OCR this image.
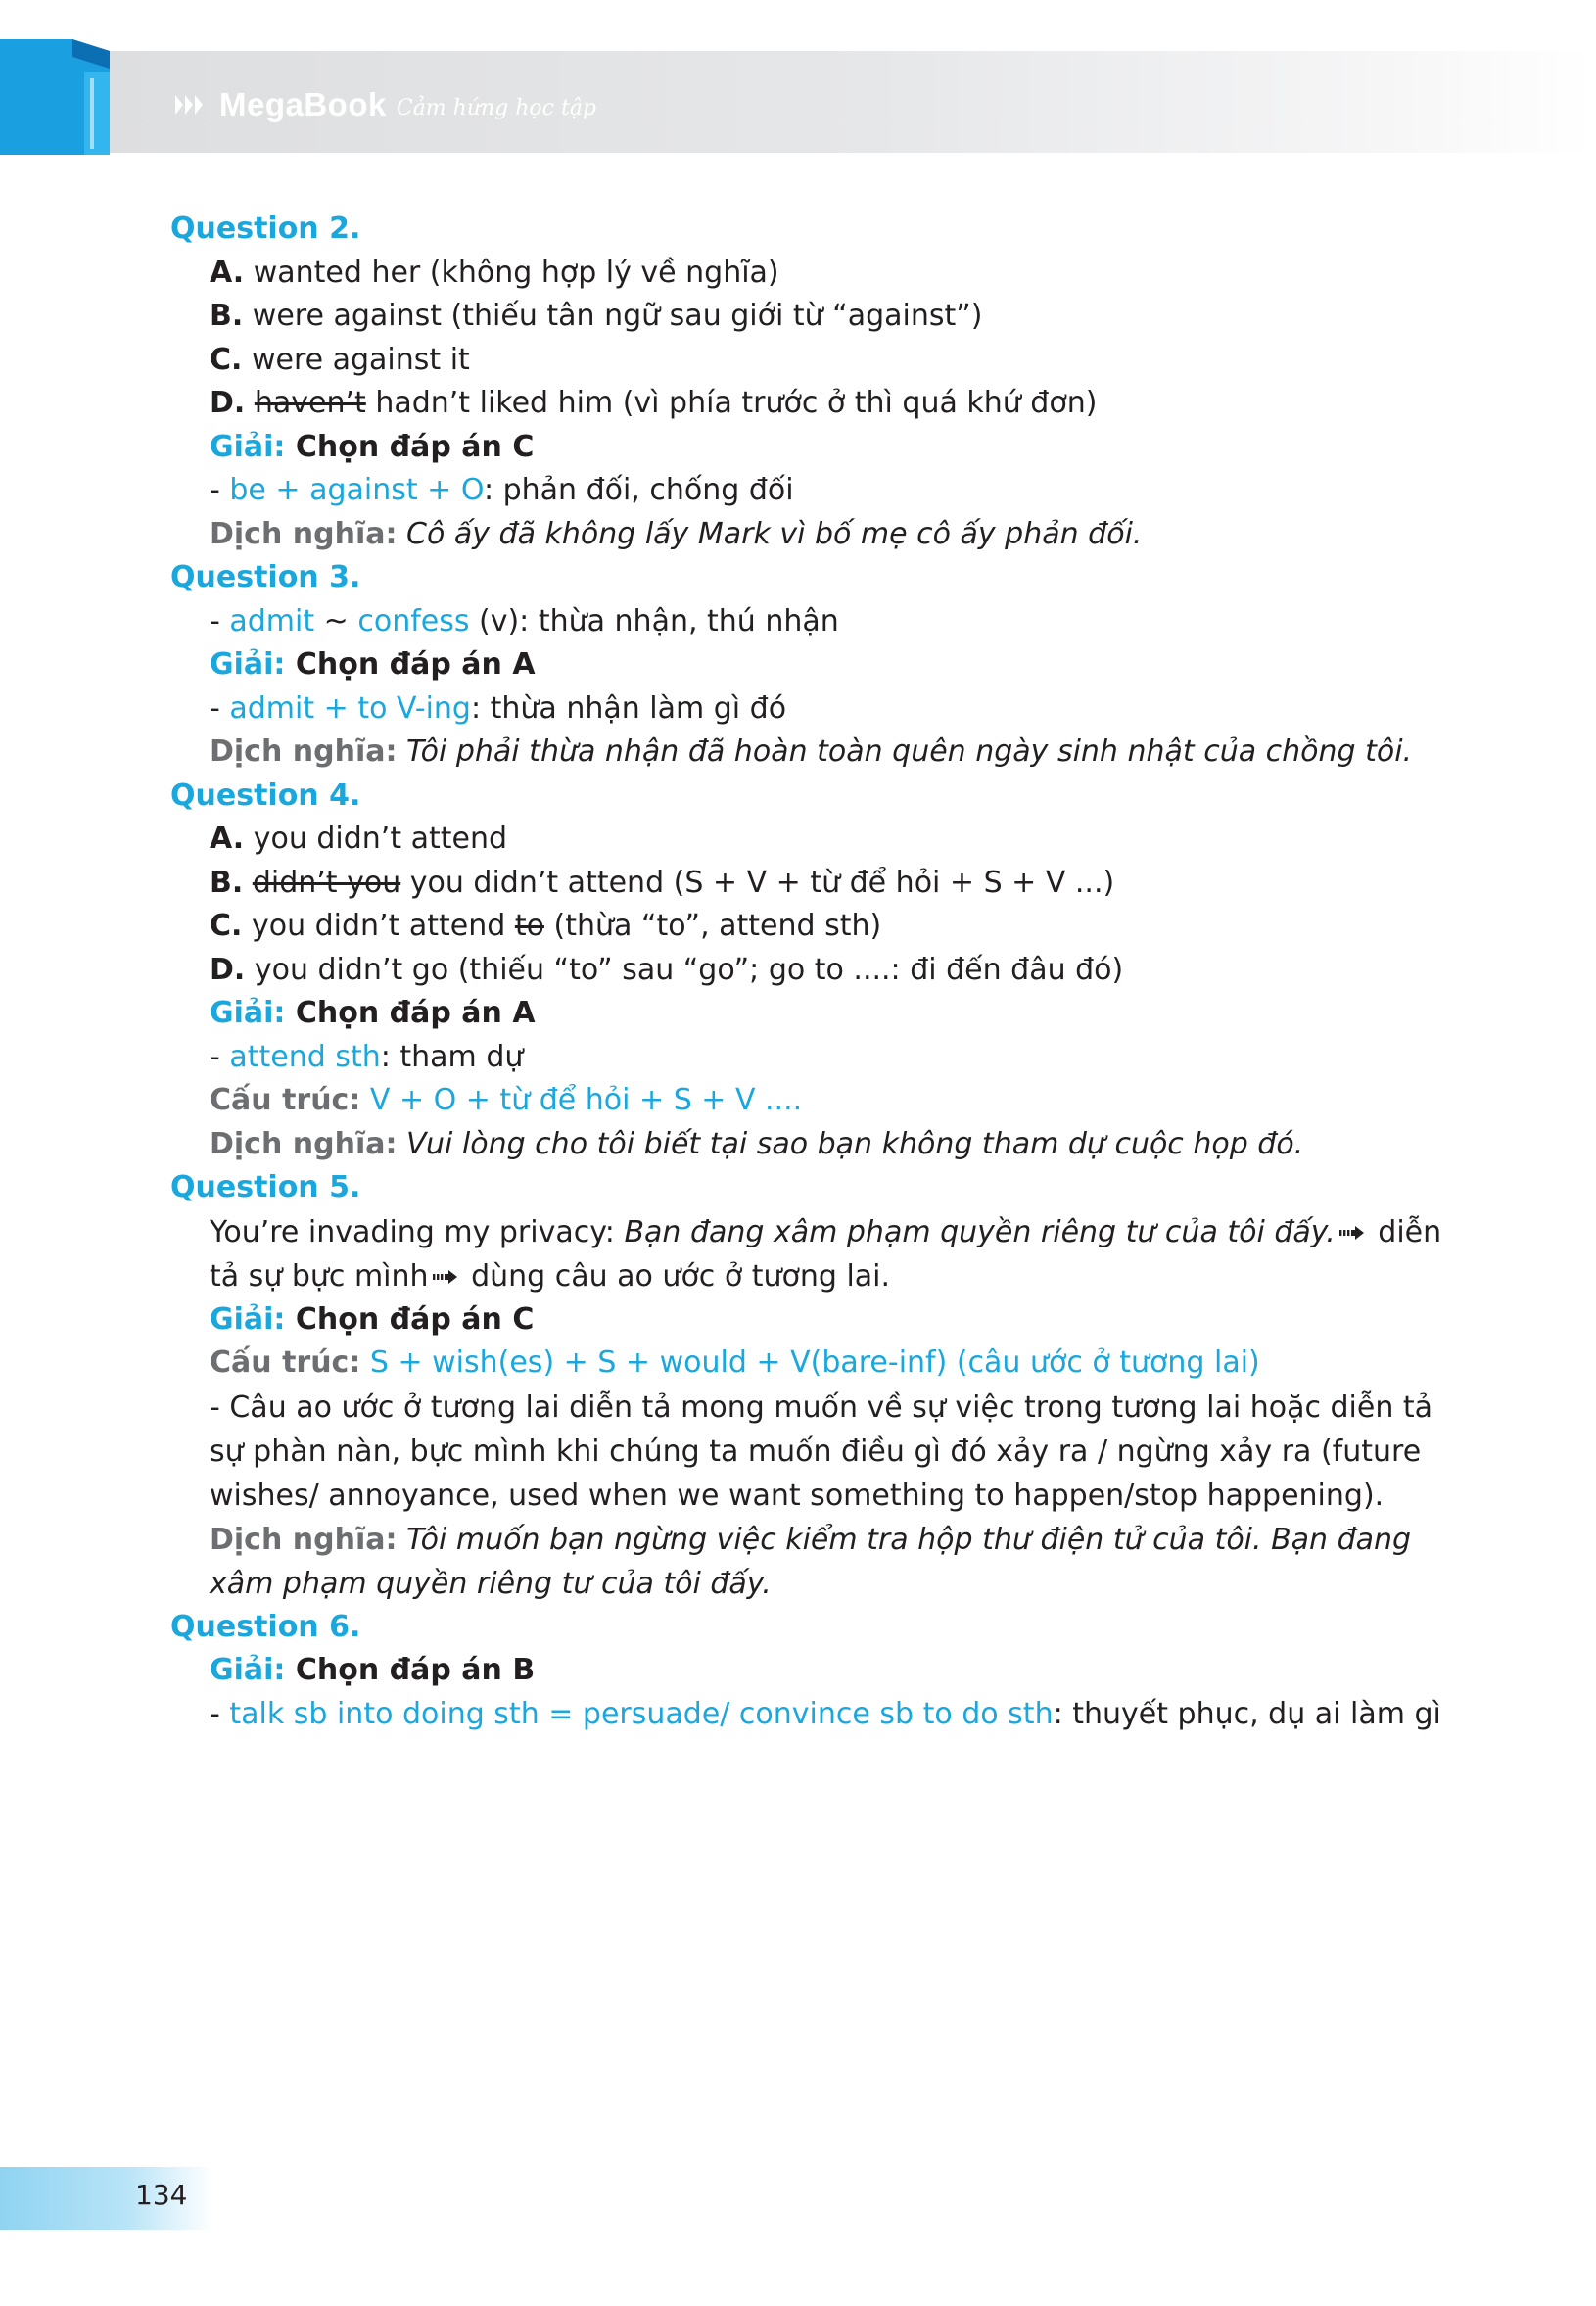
MegaBook Cảm hứng học tập

Question 2.

A. wanted her (không hợp lý về nghĩa)

B. were against (thiếu tân ngữ sau giới từ “against”)

C. were against it

D. haven’t hadn’t liked him (vì phía trước ở thì quá khứ đơn)

Giải: Chọn đáp án C

- be + against + O: phản đối, chống đối

Dịch nghĩa: Cô ấy đã không lấy Mark vì bố mẹ cô ấy phản đối.

Question 3.

- admit ~ confess (v): thừa nhận, thú nhận

Giải: Chọn đáp án A

- admit + to V-ing: thừa nhận làm gì đó

Dịch nghĩa: Tôi phải thừa nhận đã hoàn toàn quên ngày sinh nhật của chồng tôi.

Question 4.

A. you didn’t attend

B. didn’t you you didn’t attend (S + V + từ để hỏi + S + V ...)

C. you didn’t attend to (thừa “to”, attend sth)

D. you didn’t go (thiếu “to” sau “go”; go to ....: đi đến đâu đó)

Giải: Chọn đáp án A

- attend sth: tham dự

Cấu trúc: V + O + từ để hỏi + S + V ....

Dịch nghĩa: Vui lòng cho tôi biết tại sao bạn không tham dự cuộc họp đó.

Question 5.

You’re invading my privacy: Bạn đang xâm phạm quyền riêng tư của tôi đấy. diễn tả sự bực mình dùng câu ao ước ở tương lai.

Giải: Chọn đáp án C

Cấu trúc: S + wish(es) + S + would + V(bare-inf) (câu ước ở tương lai)

- Câu ao ước ở tương lai diễn tả mong muốn về sự việc trong tương lai hoặc diễn tả sự phàn nàn, bực mình khi chúng ta muốn điều gì đó xảy ra / ngừng xảy ra (future wishes/ annoyance, used when we want something to happen/stop happening).

Dịch nghĩa: Tôi muốn bạn ngừng việc kiểm tra hộp thư điện tử của tôi. Bạn đang xâm phạm quyền riêng tư của tôi đấy.

Question 6.

Giải: Chọn đáp án B

- talk sb into doing sth = persuade/ convince sb to do sth: thuyết phục, dụ ai làm gì

134
